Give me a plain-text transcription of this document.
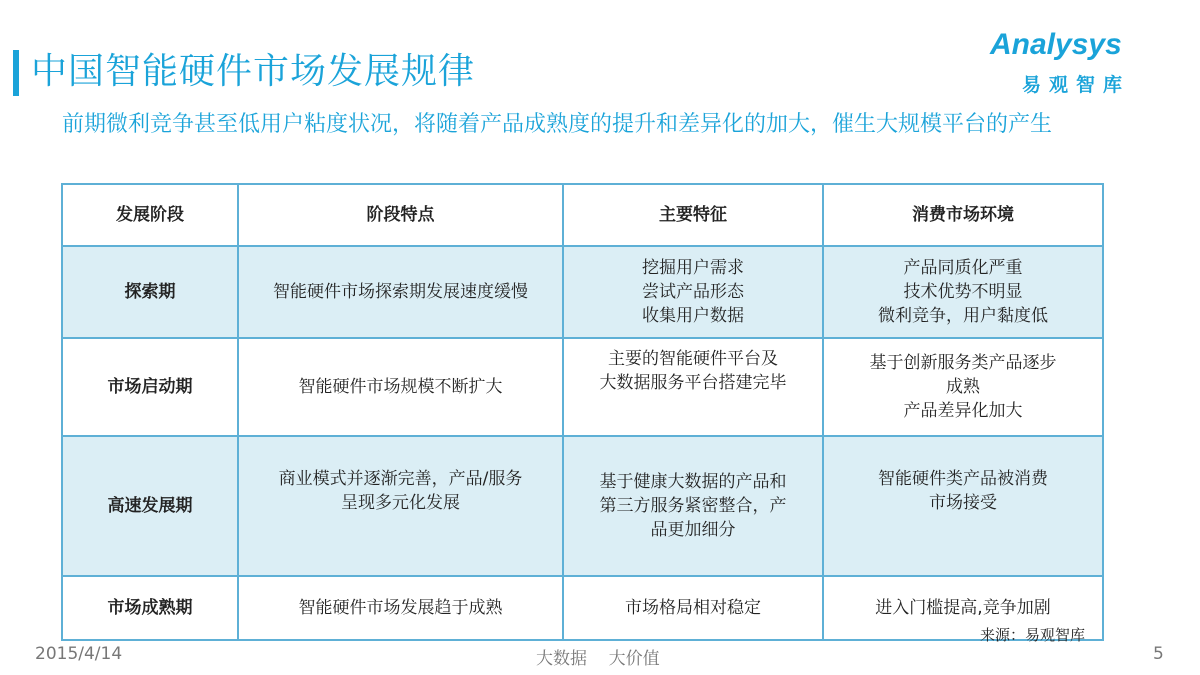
中国智能硬件市场发展规律
Analysys
易观智库

前期微利竞争甚至低用户粘度状况，将随着产品成熟度的提升和差异化的加大，催生大规模平台的产生

发展阶段	阶段特点	主要特征	消费市场环境
探索期	智能硬件市场探索期发展速度缓慢	挖掘用户需求
尝试产品形态
收集用户数据	产品同质化严重
技术优势不明显
微利竞争，用户黏度低
市场启动期	智能硬件市场规模不断扩大	主要的智能硬件平台及
大数据服务平台搭建完毕	基于创新服务类产品逐步
成熟
产品差异化加大
高速发展期	商业模式并逐渐完善，产品/服务
呈现多元化发展	基于健康大数据的产品和
第三方服务紧密整合，产
品更加细分	智能硬件类产品被消费
市场接受
市场成熟期	智能硬件市场发展趋于成熟	市场格局相对稳定	进入门槛提高,竞争加剧
来源：易观智库
2015/4/14	大数据    大价值	5
